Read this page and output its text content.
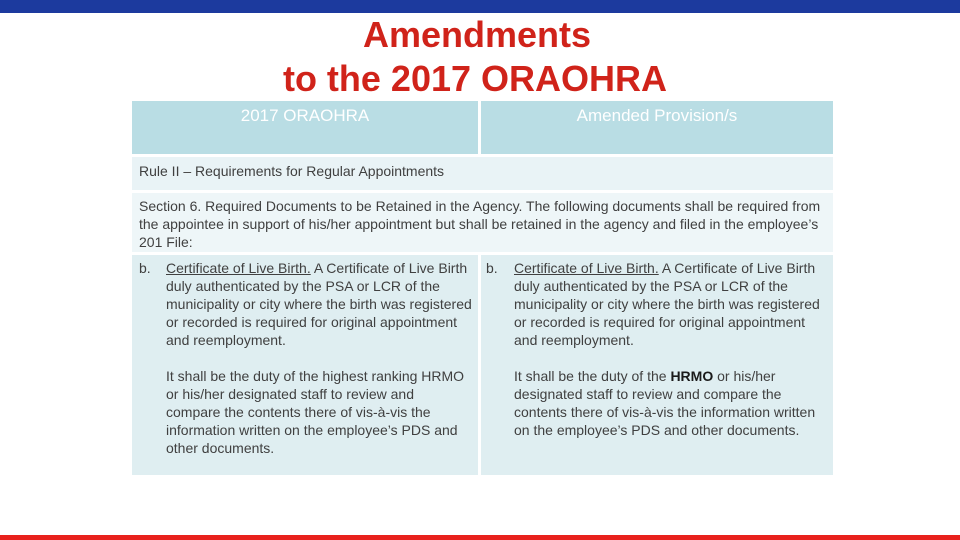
Amendments
to the 2017 ORAOHRA
2017 ORAOHRA	Amended Provision/s
Rule II – Requirements for Regular Appointments
Section 6. Required Documents to be Retained in the Agency. The following documents shall be required from the appointee in support of his/her appointment but shall be retained in the agency and filed in the employee’s 201 File:
b. Certificate of Live Birth. A Certificate of Live Birth duly authenticated by the PSA or LCR of the municipality or city where the birth was registered or recorded is required for original appointment and reemployment.
It shall be the duty of the highest ranking HRMO or his/her designated staff to review and compare the contents there of vis-à-vis the information written on the employee’s PDS and other documents.
b. Certificate of Live Birth. A Certificate of Live Birth duly authenticated by the PSA or LCR of the municipality or city where the birth was registered or recorded is required for original appointment and reemployment.
It shall be the duty of the HRMO or his/her designated staff to review and compare the contents there of vis-à-vis the information written on the employee’s PDS and other documents.
